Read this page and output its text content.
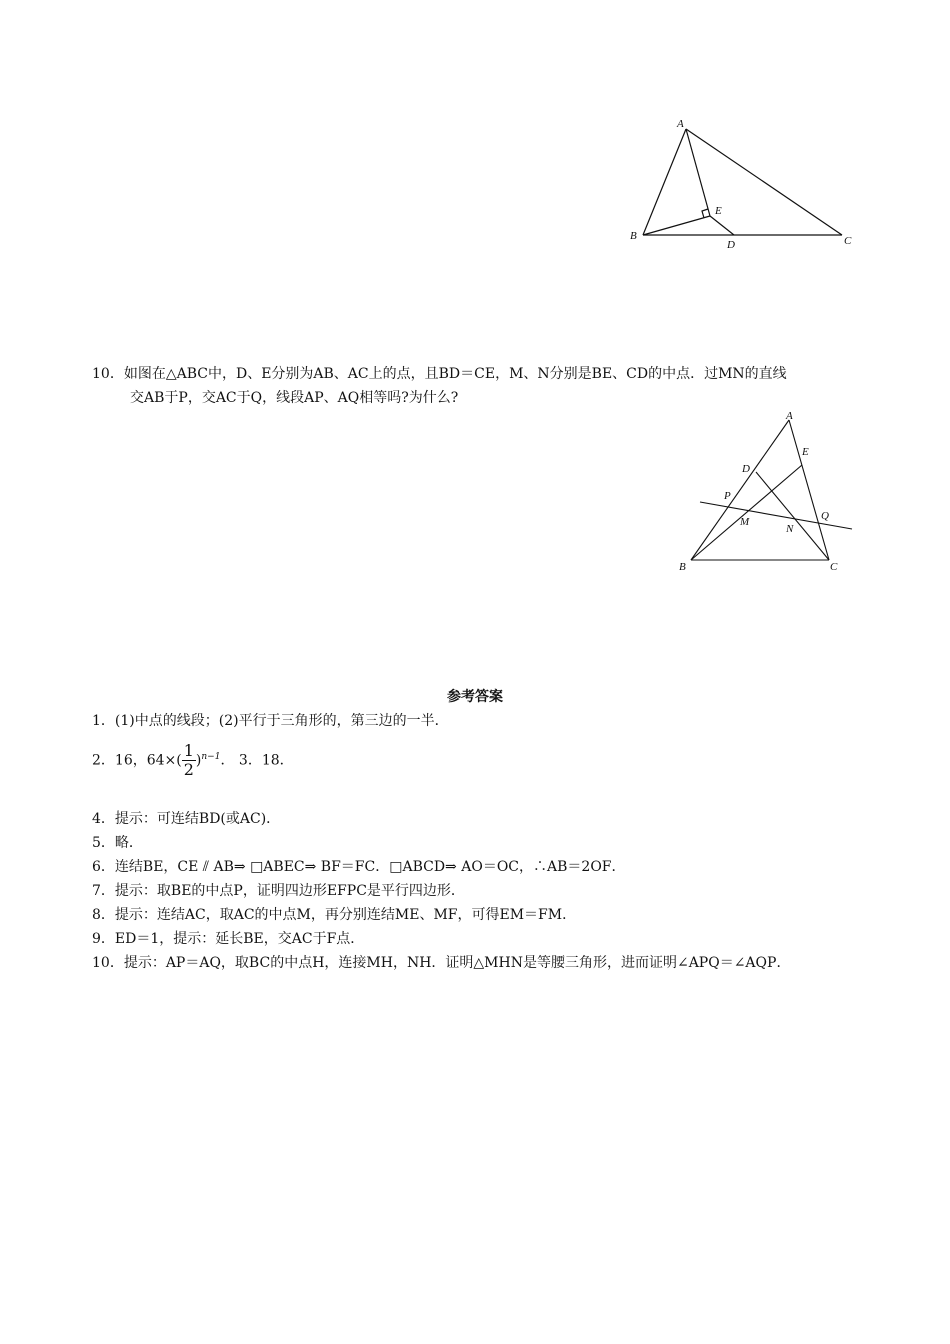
A
B	C
D
E
10．如图在△ABC中，D、E分别为AB、AC上的点，且BD＝CE，M、N分别是BE、CD的中点．过MN的直线
交AB于P，交AC于Q，线段AP、AQ相等吗?为什么?
A
E
D
P
M
N
Q
B	C
参考答案
1．(1)中点的线段；(2)平行于三角形的，第三边的一半．
2．16，$64\times( \frac{1}{2} )^{n-1}$． 3．18．
4．提示：可连结BD(或AC)．
5．略．
6．连结BE，CE ⫽ AB⇒ □ABEC⇒ BF＝FC．□ABCD⇒ AO＝OC，∴AB＝2OF．
7．提示：取BE的中点P，证明四边形EFPC是平行四边形．
8．提示：连结AC，取AC的中点M，再分别连结ME、MF，可得EM＝FM．
9．ED＝1，提示：延长BE，交AC于F点．
10．提示：AP＝AQ，取BC的中点H，连接MH，NH．证明△MHN是等腰三角形，进而证明∠APQ＝∠AQP．
